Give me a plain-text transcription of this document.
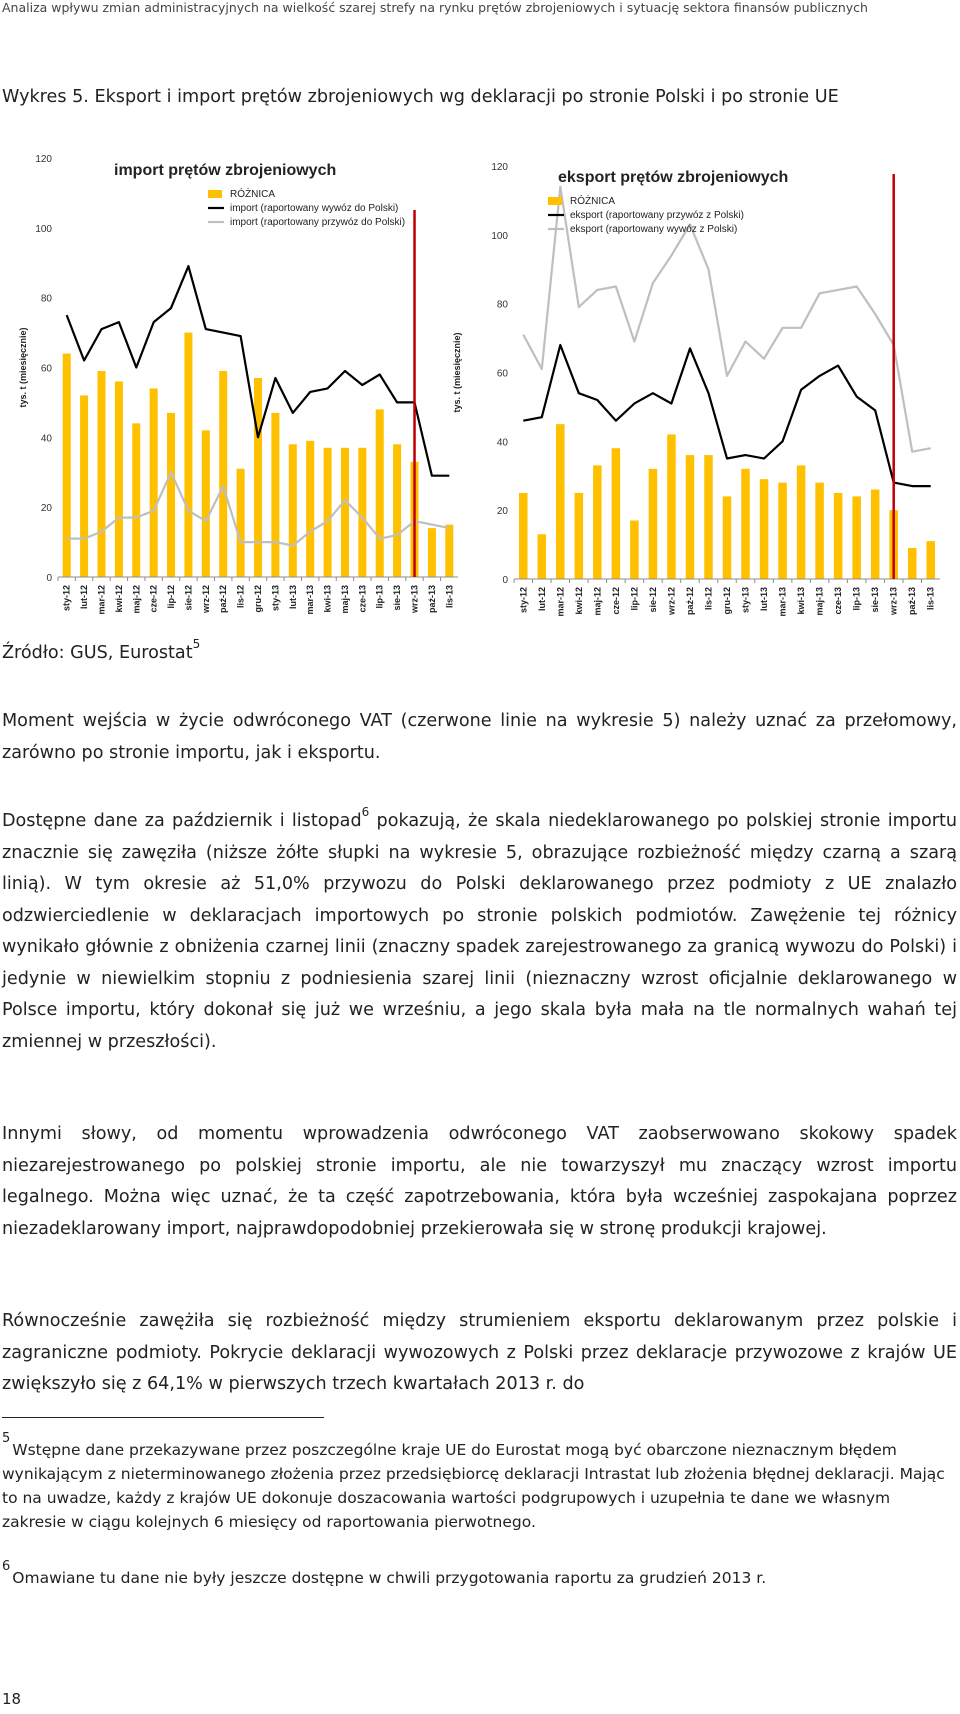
Analiza wpływu zmian administracyjnych na wielkość szarej strefy na rynku prętów zbrojeniowych i sytuację sektora finansów publicznych
Wykres 5. Eksport i import prętów zbrojeniowych wg deklaracji po stronie Polski i po stronie UE
0
20
40
60
80
100
120
tys. t (miesięcznie)
sty-12 lut-12 mar-12 kwi-12 maj-12 cze-12 lip-12 sie-12 wrz-12 paź-12 lis-12 gru-12 sty-13 lut-13 mar-13 kwi-13 maj-13 cze-13 lip-13 sie-13 wrz-13 paź-13 lis-13
import prętów zbrojeniowych
RÓŻNICA
import (raportowany wywóz do Polski)
import (raportowany przywóz do Polski)
0
20
40
60
80
100
120
tys. t (miesięcznie)
sty-12 lut-12 mar-12 kwi-12 maj-12 cze-12 lip-12 sie-12 wrz-12 paź-12 lis-12 gru-12 sty-13 lut-13 mar-13 kwi-13 maj-13 cze-13 lip-13 sie-13 wrz-13 paź-13 lis-13
eksport prętów zbrojeniowych
RÓŻNICA
eksport (raportowany przywóz z Polski)
eksport (raportowany wywóz z Polski)
Źródło: GUS, Eurostat$^5$

Moment wejścia w życie odwróconego VAT (czerwone linie na wykresie 5) należy uznać za przełomowy, zarówno po stronie importu, jak i eksportu.

Dostępne dane za październik i listopad$^6$ pokazują, że skala niedeklarowanego po polskiej stronie importu znacznie się zawęziła (niższe żółte słupki na wykresie 5, obrazujące rozbieżność między czarną a szarą linią). W tym okresie aż 51,0% przywozu do Polski deklarowanego przez podmioty z UE znalazło odzwierciedlenie w deklaracjach importowych po stronie polskich podmiotów. Zawężenie tej różnicy wynikało głównie z obniżenia czarnej linii (znaczny spadek zarejestrowanego za granicą wywozu do Polski) i jedynie w niewielkim stopniu z podniesienia szarej linii (nieznaczny wzrost oficjalnie deklarowanego w Polsce importu, który dokonał się już we wrześniu, a jego skala była mała na tle normalnych wahań tej zmiennej w przeszłości).

Innymi słowy, od momentu wprowadzenia odwróconego VAT zaobserwowano skokowy spadek niezarejestrowanego po polskiej stronie importu, ale nie towarzyszył mu znaczący wzrost importu legalnego. Można więc uznać, że ta część zapotrzebowania, która była wcześniej zaspokajana poprzez niezadeklarowany import, najprawdopodobniej przekierowała się w stronę produkcji krajowej.

Równocześnie zawężiła się rozbieżność między strumieniem eksportu deklarowanym przez polskie i zagraniczne podmioty. Pokrycie deklaracji wywozowych z Polski przez deklaracje przywozowe z krajów UE zwiększyło się z 64,1% w pierwszych trzech kwartałach 2013 r. do

$^5$Wstępne dane przekazywane przez poszczególne kraje UE do Eurostat mogą być obarczone nieznacznym błędem wynikającym z nieterminowanego złożenia przez przedsiębiorcę deklaracji Intrastat lub złożenia błędnej deklaracji. Mając to na uwadze, każdy z krajów UE dokonuje doszacowania wartości podgrupowych i uzupełnia te dane we własnym zakresie w ciągu kolejnych 6 miesięcy od raportowania pierwotnego.

$^6$Omawiane tu dane nie były jeszcze dostępne w chwili przygotowania raportu za grudzień 2013 r.

18
